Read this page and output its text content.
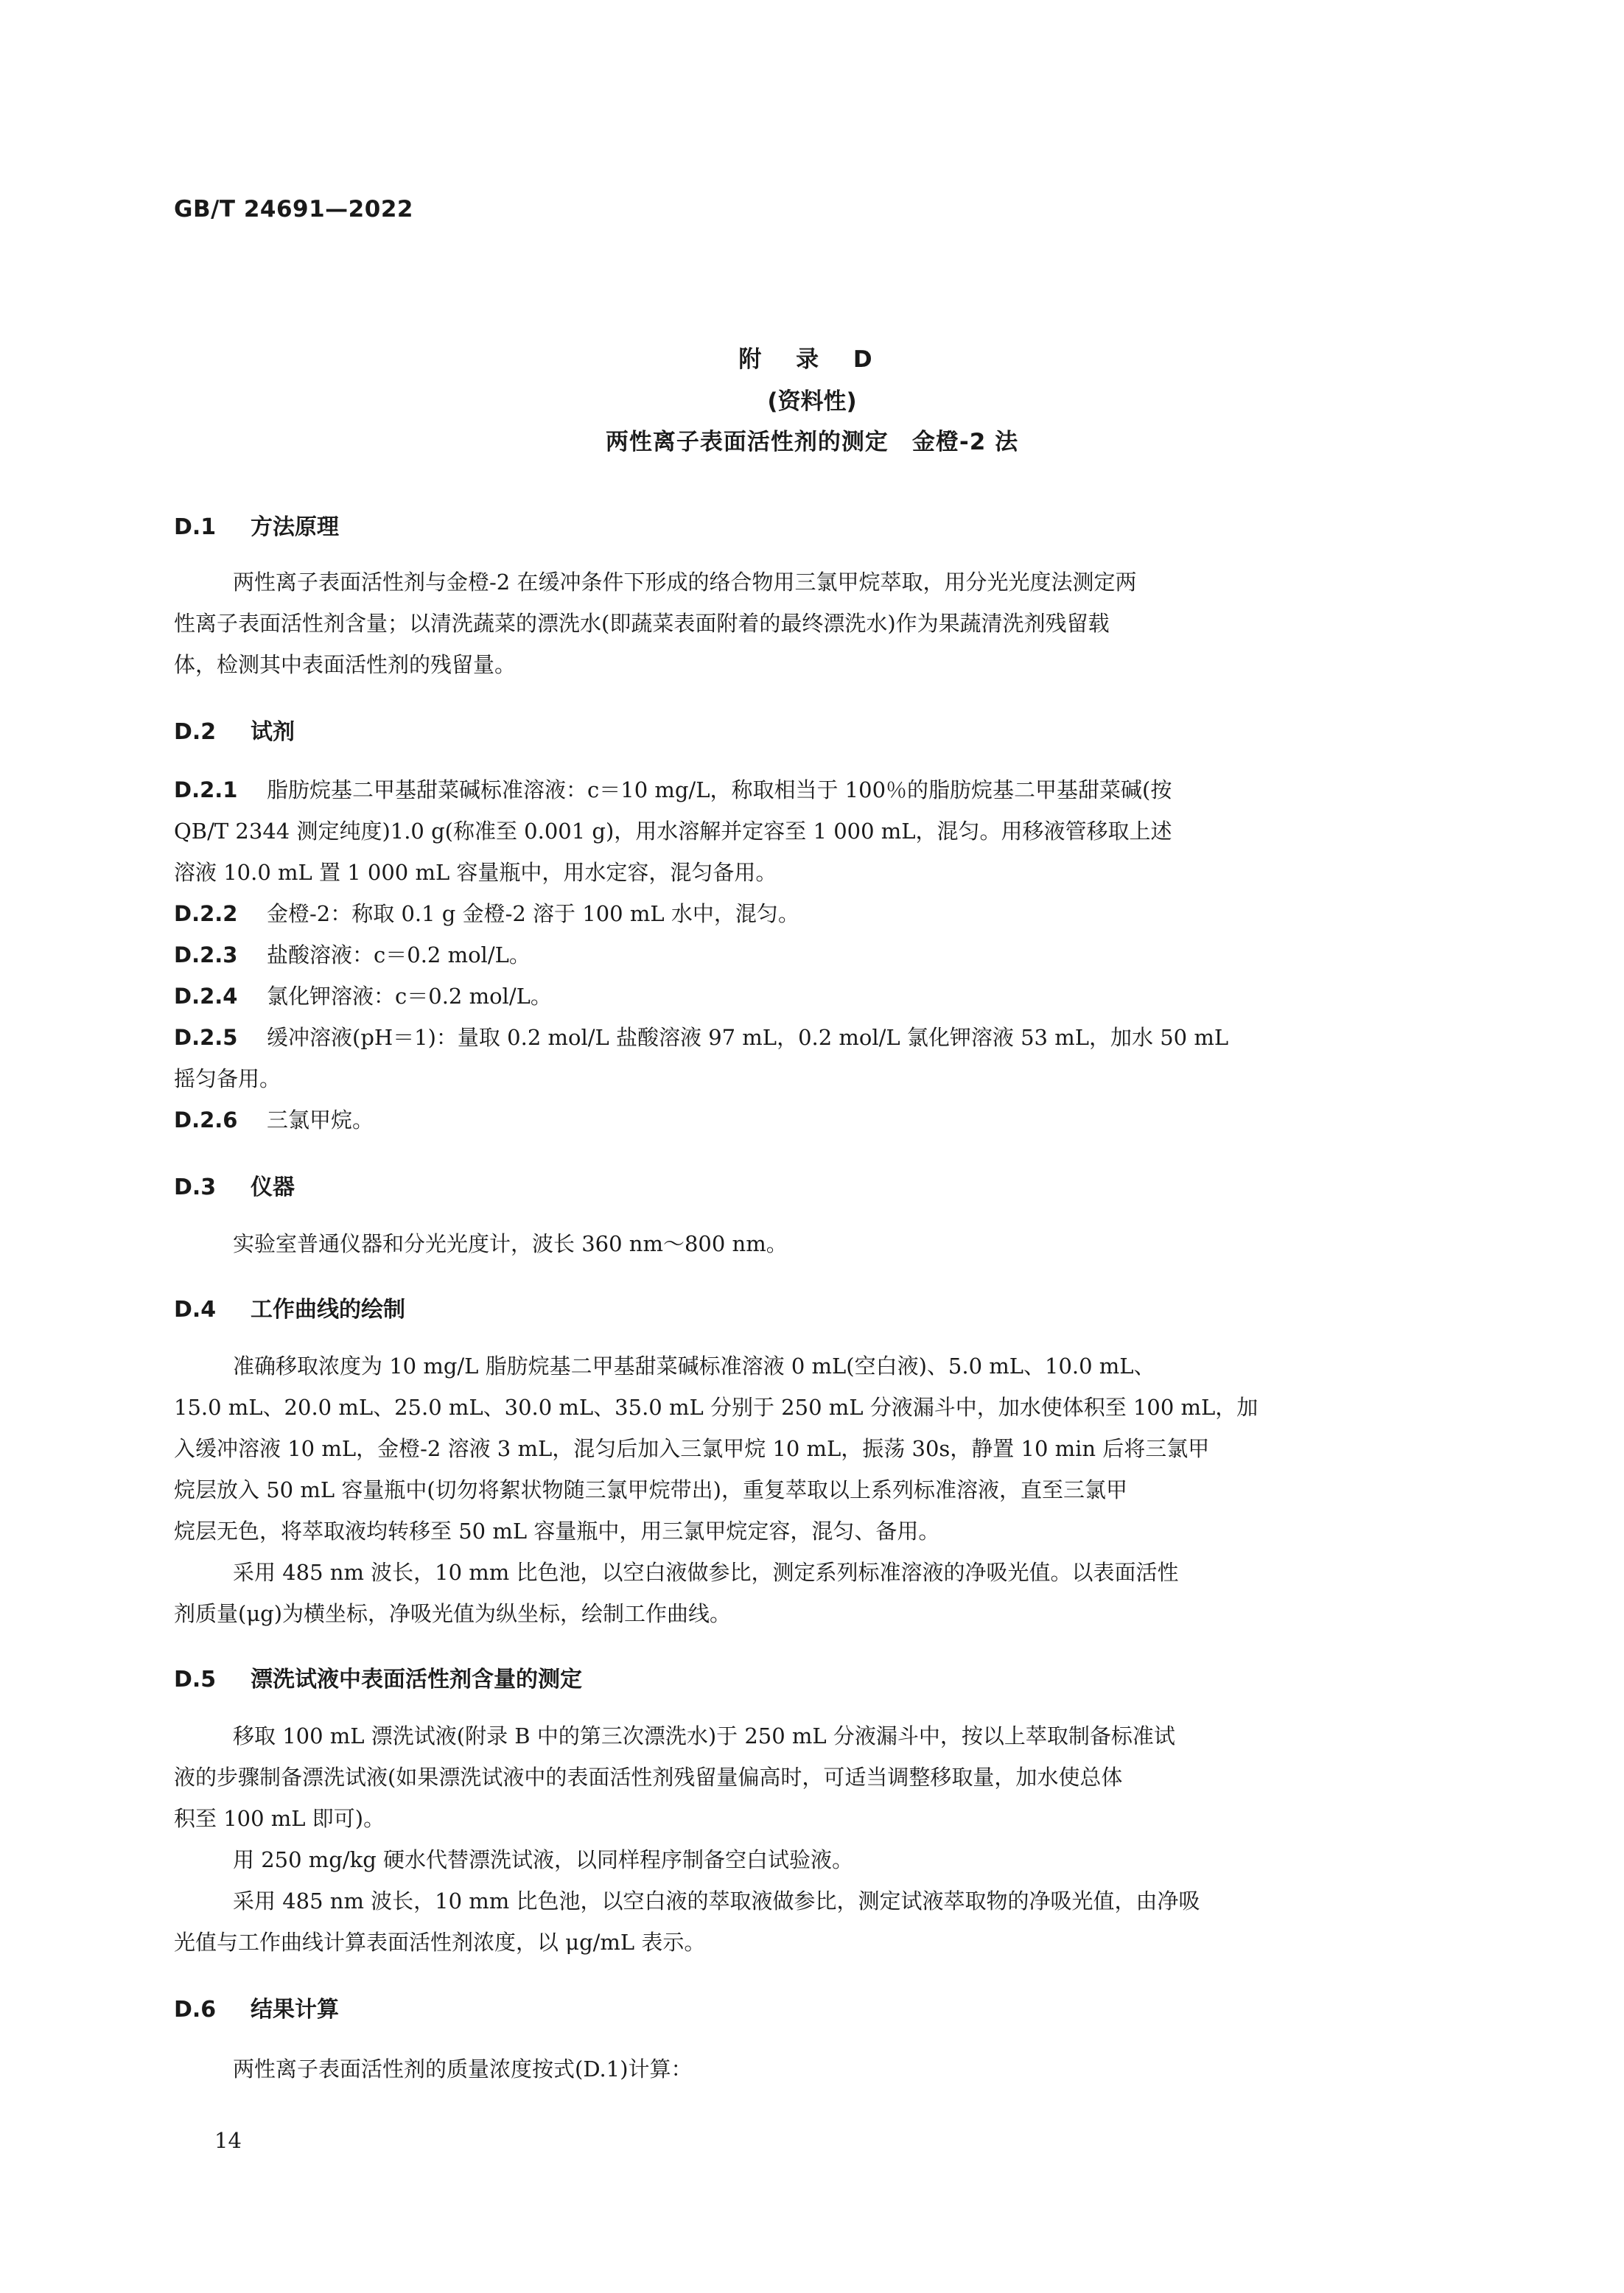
GB/T 24691—2022
附 录 D
(资料性)
两性离子表面活性剂的测定　金橙-2 法
D.1 方法原理
两性离子表面活性剂与金橙-2 在缓冲条件下形成的络合物用三氯甲烷萃取，用分光光度法测定两
性离子表面活性剂含量；以清洗蔬菜的漂洗水(即蔬菜表面附着的最终漂洗水)作为果蔬清洗剂残留载
体，检测其中表面活性剂的残留量。
D.2 试剂
D.2.1 脂肪烷基二甲基甜菜碱标准溶液：c＝10 mg/L，称取相当于 100％的脂肪烷基二甲基甜菜碱(按
QB/T 2344 测定纯度)1.0 g(称准至 0.001 g)，用水溶解并定容至 1 000 mL，混匀。用移液管移取上述
溶液 10.0 mL 置 1 000 mL 容量瓶中，用水定容，混匀备用。
D.2.2 金橙-2：称取 0.1 g 金橙-2 溶于 100 mL 水中，混匀。
D.2.3 盐酸溶液：c＝0.2 mol/L。
D.2.4 氯化钾溶液：c＝0.2 mol/L。
D.2.5 缓冲溶液(pH＝1)：量取 0.2 mol/L 盐酸溶液 97 mL，0.2 mol/L 氯化钾溶液 53 mL，加水 50 mL
摇匀备用。
D.2.6 三氯甲烷。
D.3 仪器
实验室普通仪器和分光光度计，波长 360 nm～800 nm。
D.4 工作曲线的绘制
准确移取浓度为 10 mg/L 脂肪烷基二甲基甜菜碱标准溶液 0 mL(空白液)、5.0 mL、10.0 mL、
15.0 mL、20.0 mL、25.0 mL、30.0 mL、35.0 mL 分别于 250 mL 分液漏斗中，加水使体积至 100 mL，加
入缓冲溶液 10 mL，金橙-2 溶液 3 mL，混匀后加入三氯甲烷 10 mL，振荡 30s，静置 10 min 后将三氯甲
烷层放入 50 mL 容量瓶中(切勿将絮状物随三氯甲烷带出)，重复萃取以上系列标准溶液，直至三氯甲
烷层无色，将萃取液均转移至 50 mL 容量瓶中，用三氯甲烷定容，混匀、备用。
采用 485 nm 波长，10 mm 比色池，以空白液做参比，测定系列标准溶液的净吸光值。以表面活性
剂质量(μg)为横坐标，净吸光值为纵坐标，绘制工作曲线。
D.5 漂洗试液中表面活性剂含量的测定
移取 100 mL 漂洗试液(附录 B 中的第三次漂洗水)于 250 mL 分液漏斗中，按以上萃取制备标准试
液的步骤制备漂洗试液(如果漂洗试液中的表面活性剂残留量偏高时，可适当调整移取量，加水使总体
积至 100 mL 即可)。
用 250 mg/kg 硬水代替漂洗试液，以同样程序制备空白试验液。
采用 485 nm 波长，10 mm 比色池，以空白液的萃取液做参比，测定试液萃取物的净吸光值，由净吸
光值与工作曲线计算表面活性剂浓度，以 μg/mL 表示。
D.6 结果计算
两性离子表面活性剂的质量浓度按式(D.1)计算：
14
